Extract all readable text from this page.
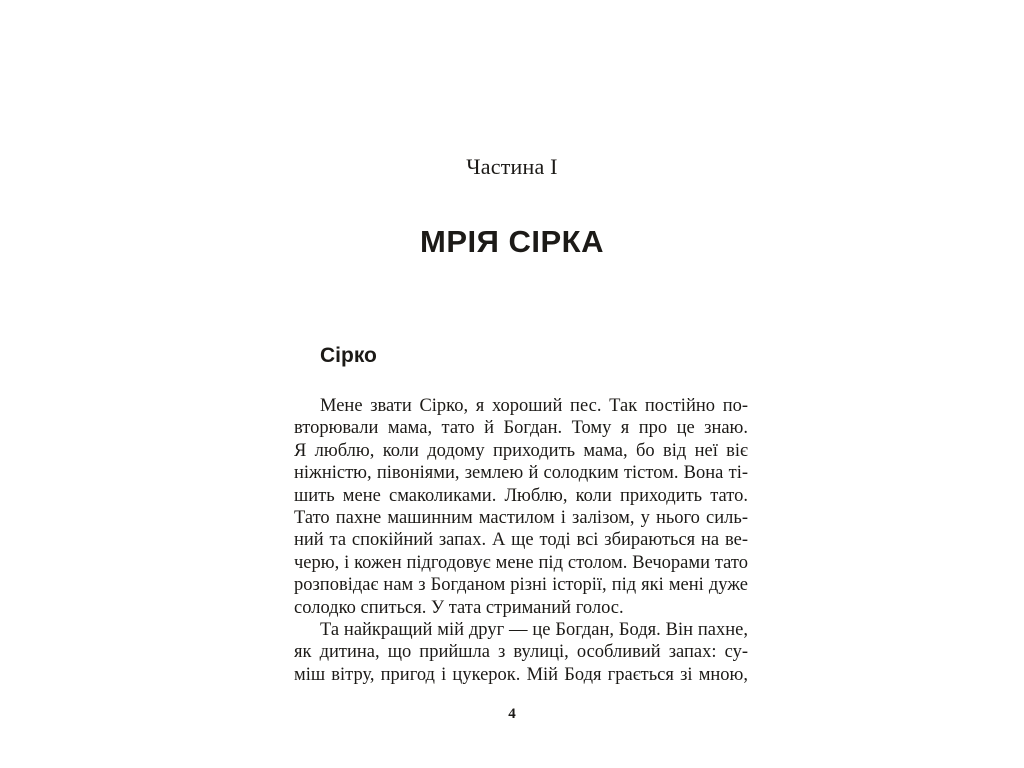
Частина I
МРІЯ СІРКА
Сірко
Мене звати Сірко, я хороший пес. Так постійно по-
вторювали мама, тато й Богдан. Тому я про це знаю.
Я люблю, коли додому приходить мама, бо від неї віє
ніжністю, півоніями, землею й солодким тістом. Вона ті-
шить мене смаколиками. Люблю, коли приходить тато.
Тато пахне машинним мастилом і залізом, у нього силь-
ний та спокійний запах. А ще тоді всі збираються на ве-
черю, і кожен підгодовує мене під столом. Вечорами тато
розповідає нам з Богданом різні історії, під які мені дуже
солодко спиться. У тата стриманий голос.
Та найкращий мій друг — це Богдан, Бодя. Він пахне,
як дитина, що прийшла з вулиці, особливий запах: су-
міш вітру, пригод і цукерок. Мій Бодя грається зі мною,
4
